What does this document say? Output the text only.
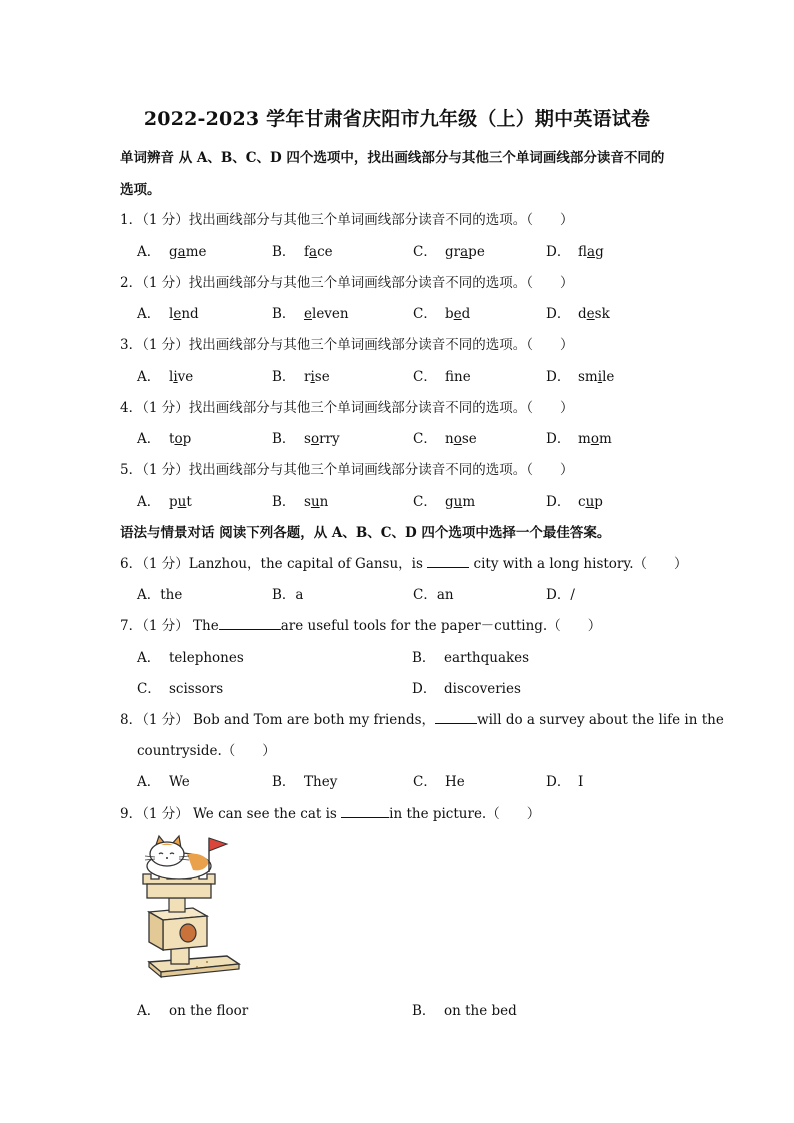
2022-2023 学年甘肃省庆阳市九年级（上）期中英语试卷
单词辨音 从 A、B、C、D 四个选项中，找出画线部分与其他三个单词画线部分读音不同的
选项。
1．（1 分）找出画线部分与其他三个单词画线部分读音不同的选项。（　　）
A． game	B． face	C． grape	D． flag
2．（1 分）找出画线部分与其他三个单词画线部分读音不同的选项。（　　）
A． lend	B． eleven	C． bed	D． desk
3．（1 分）找出画线部分与其他三个单词画线部分读音不同的选项。（　　）
A． live	B． rise	C． fne	D． smile
4．（1 分）找出画线部分与其他三个单词画线部分读音不同的选项。（　　）
A． top	B． sorry	C． nose	D． mom
5．（1 分）找出画线部分与其他三个单词画线部分读音不同的选项。（　　）
A． put	B． sun	C． gum	D． cup
语法与情景对话 阅读下列各题，从 A、B、C、D 四个选项中选择一个最佳答案。
6．（1 分）Lanzhou，the capital of Gansu，is	city with a long history.（　　）
A．the	B．a	C．an	D．/
7．（1 分） The	are useful tools for the paper－cutting.（　　）
A． telephones	B． earthquakes
C． scissors	D． discoveries
8．（1 分） Bob and Tom are both my friends，	will do a survey about the life in the
countryside.（　　）
A． We	B． They	C． He	D． I
9．（1 分） We can see the cat is	in the picture.（　　）
A． on the floor	B． on the bed
